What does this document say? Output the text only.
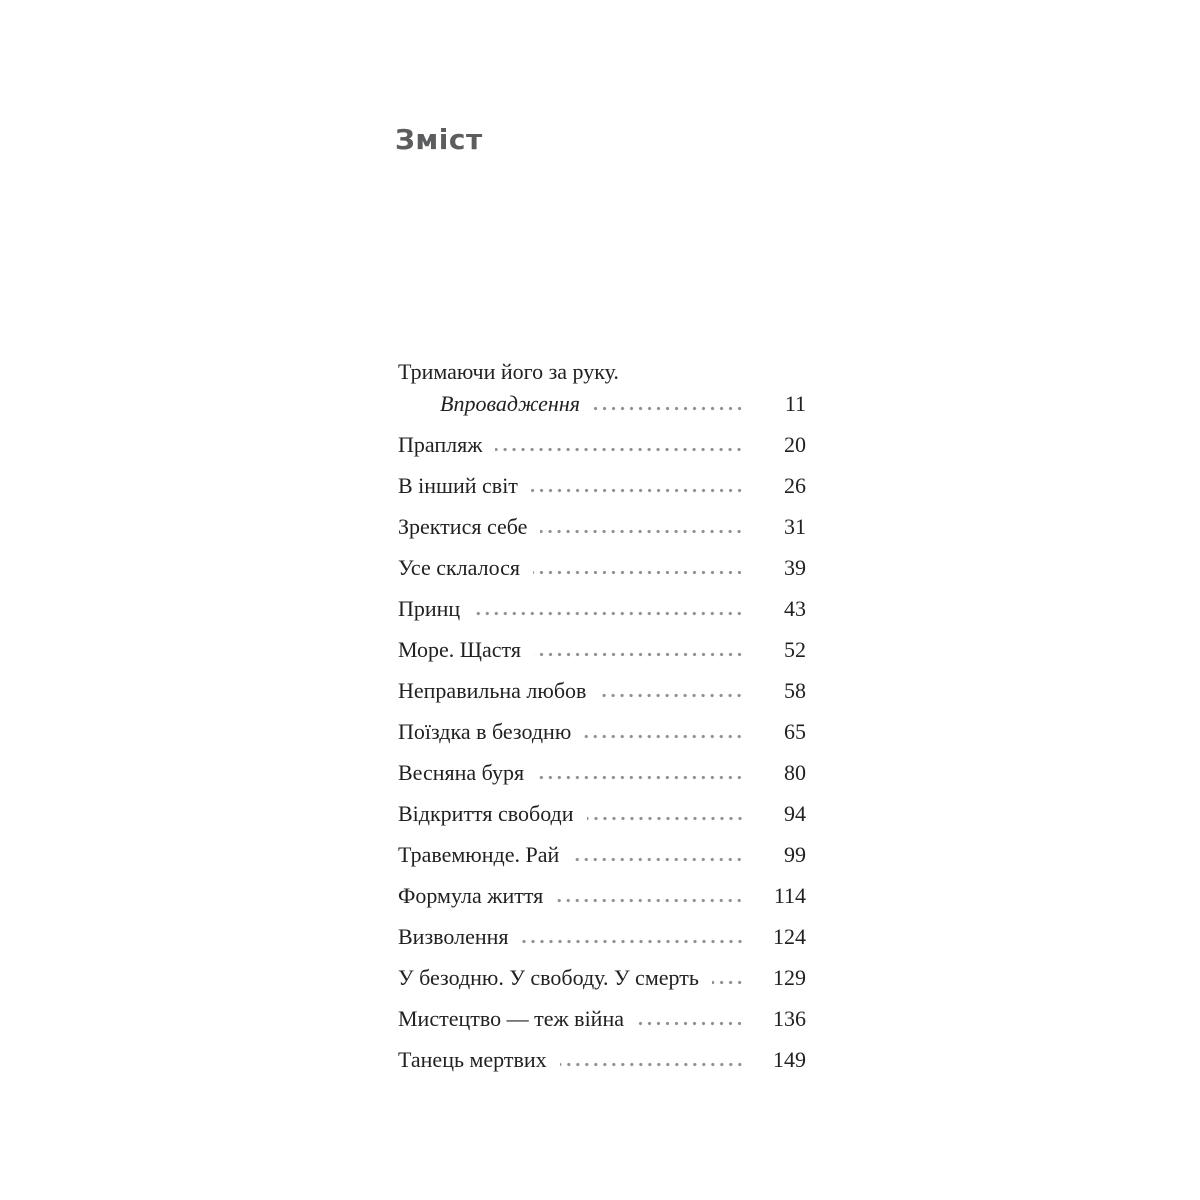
Зміст
Тримаючи його за руку.
Впровадження	11
Прапляж	20
В інший світ	26
Зректися себе	31
Усе склалося	39
Принц	43
Море. Щастя	52
Неправильна любов	58
Поїздка в безодню	65
Весняна буря	80
Відкриття свободи	94
Травемюнде. Рай	99
Формула життя	114
Визволення	124
У безодню. У свободу. У смерть	129
Мистецтво — теж війна	136
Танець мертвих	149
